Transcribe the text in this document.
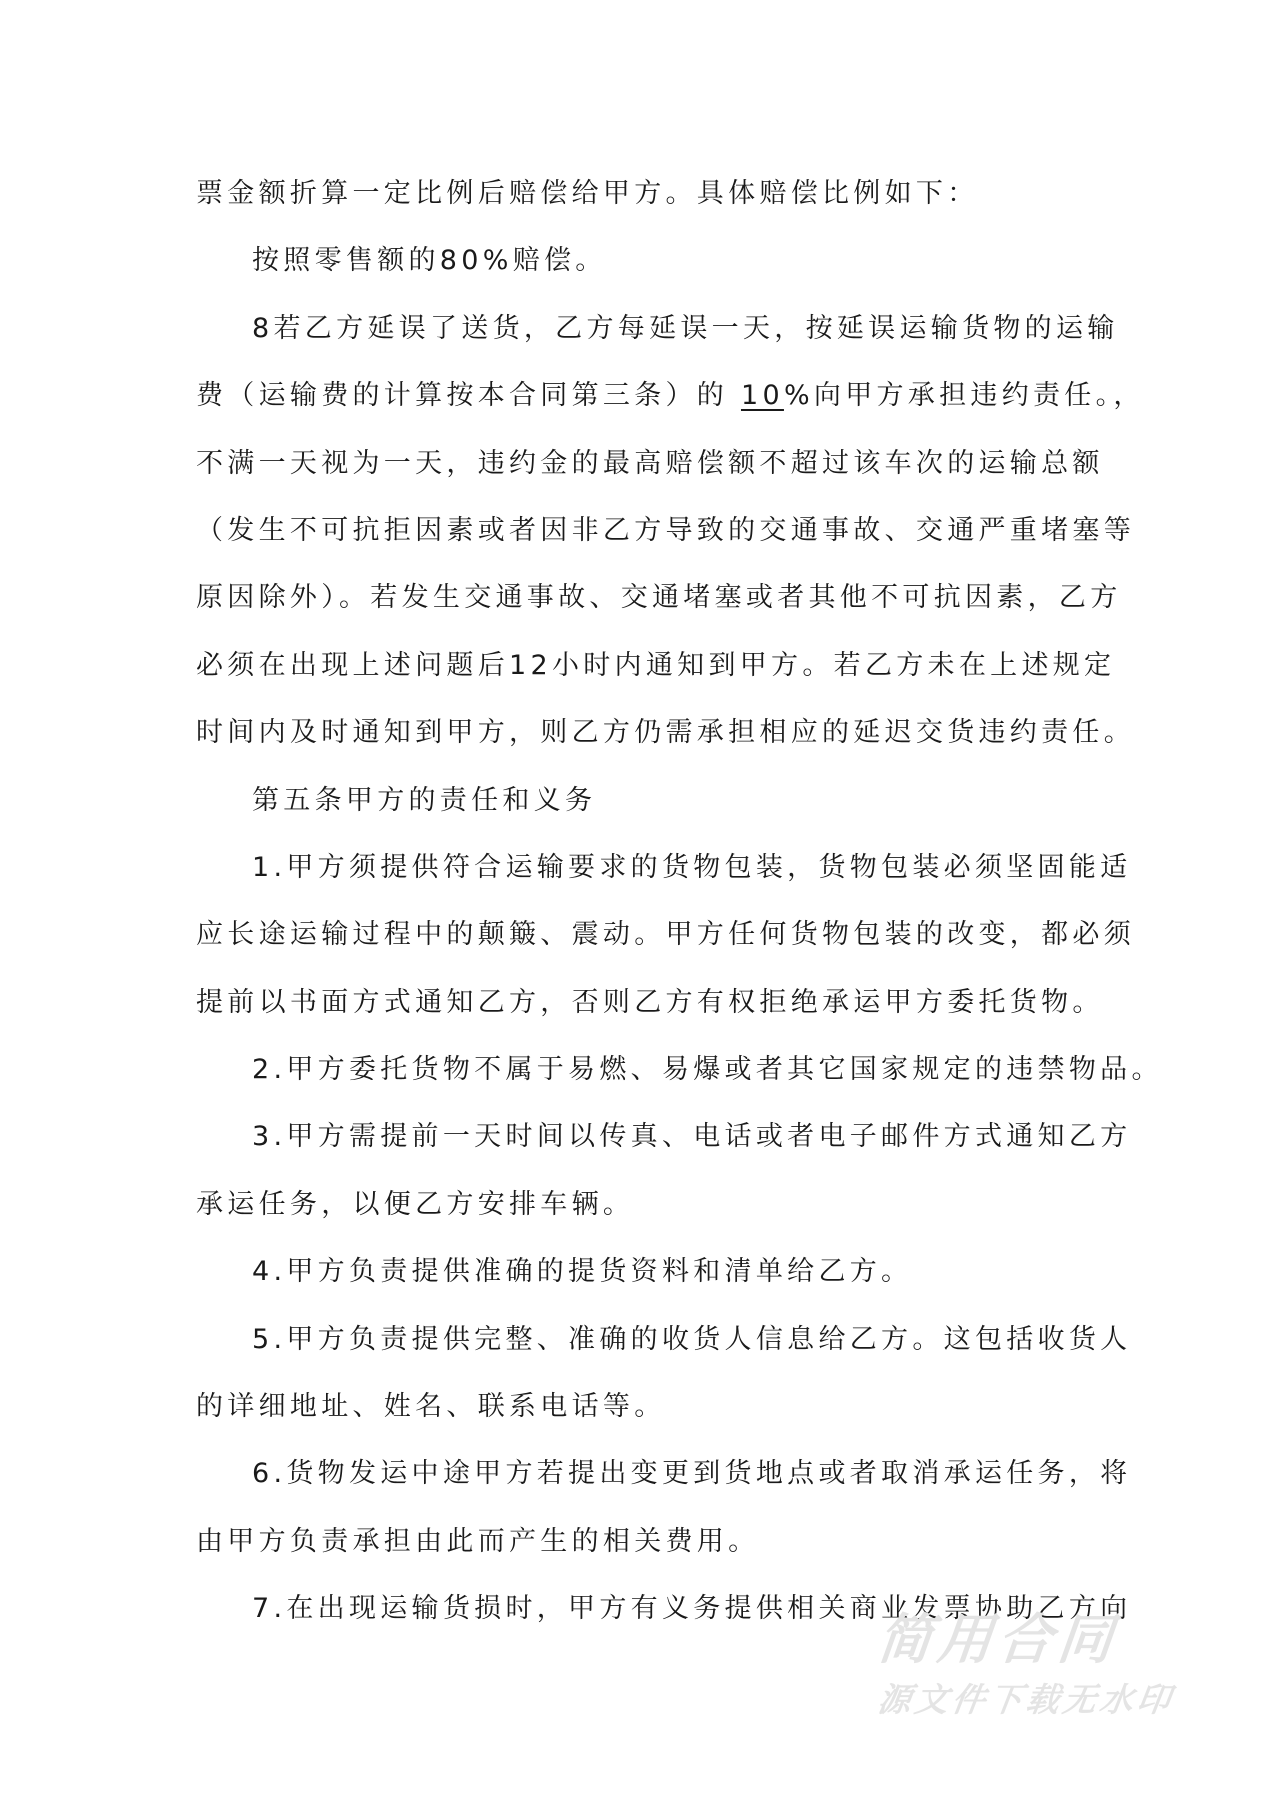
票金额折算一定比例后赔偿给甲方。具体赔偿比例如下：
按照零售额的80%赔偿。
8若乙方延误了送货，乙方每延误一天，按延误运输货物的运输
费（运输费的计算按本合同第三条）的 10%向甲方承担违约责任。，
不满一天视为一天，违约金的最高赔偿额不超过该车次的运输总额
（发生不可抗拒因素或者因非乙方导致的交通事故、交通严重堵塞等
原因除外）。若发生交通事故、交通堵塞或者其他不可抗因素，乙方
必须在出现上述问题后12小时内通知到甲方。若乙方未在上述规定
时间内及时通知到甲方，则乙方仍需承担相应的延迟交货违约责任。
第五条甲方的责任和义务
1.甲方须提供符合运输要求的货物包装，货物包装必须坚固能适
应长途运输过程中的颠簸、震动。甲方任何货物包装的改变，都必须
提前以书面方式通知乙方，否则乙方有权拒绝承运甲方委托货物。
2.甲方委托货物不属于易燃、易爆或者其它国家规定的违禁物品。
3.甲方需提前一天时间以传真、电话或者电子邮件方式通知乙方
承运任务，以便乙方安排车辆。
4.甲方负责提供准确的提货资料和清单给乙方。
5.甲方负责提供完整、准确的收货人信息给乙方。这包括收货人
的详细地址、姓名、联系电话等。
6.货物发运中途甲方若提出变更到货地点或者取消承运任务，将
由甲方负责承担由此而产生的相关费用。
7.在出现运输货损时，甲方有义务提供相关商业发票协助乙方向
简用合同
源文件下载无水印
